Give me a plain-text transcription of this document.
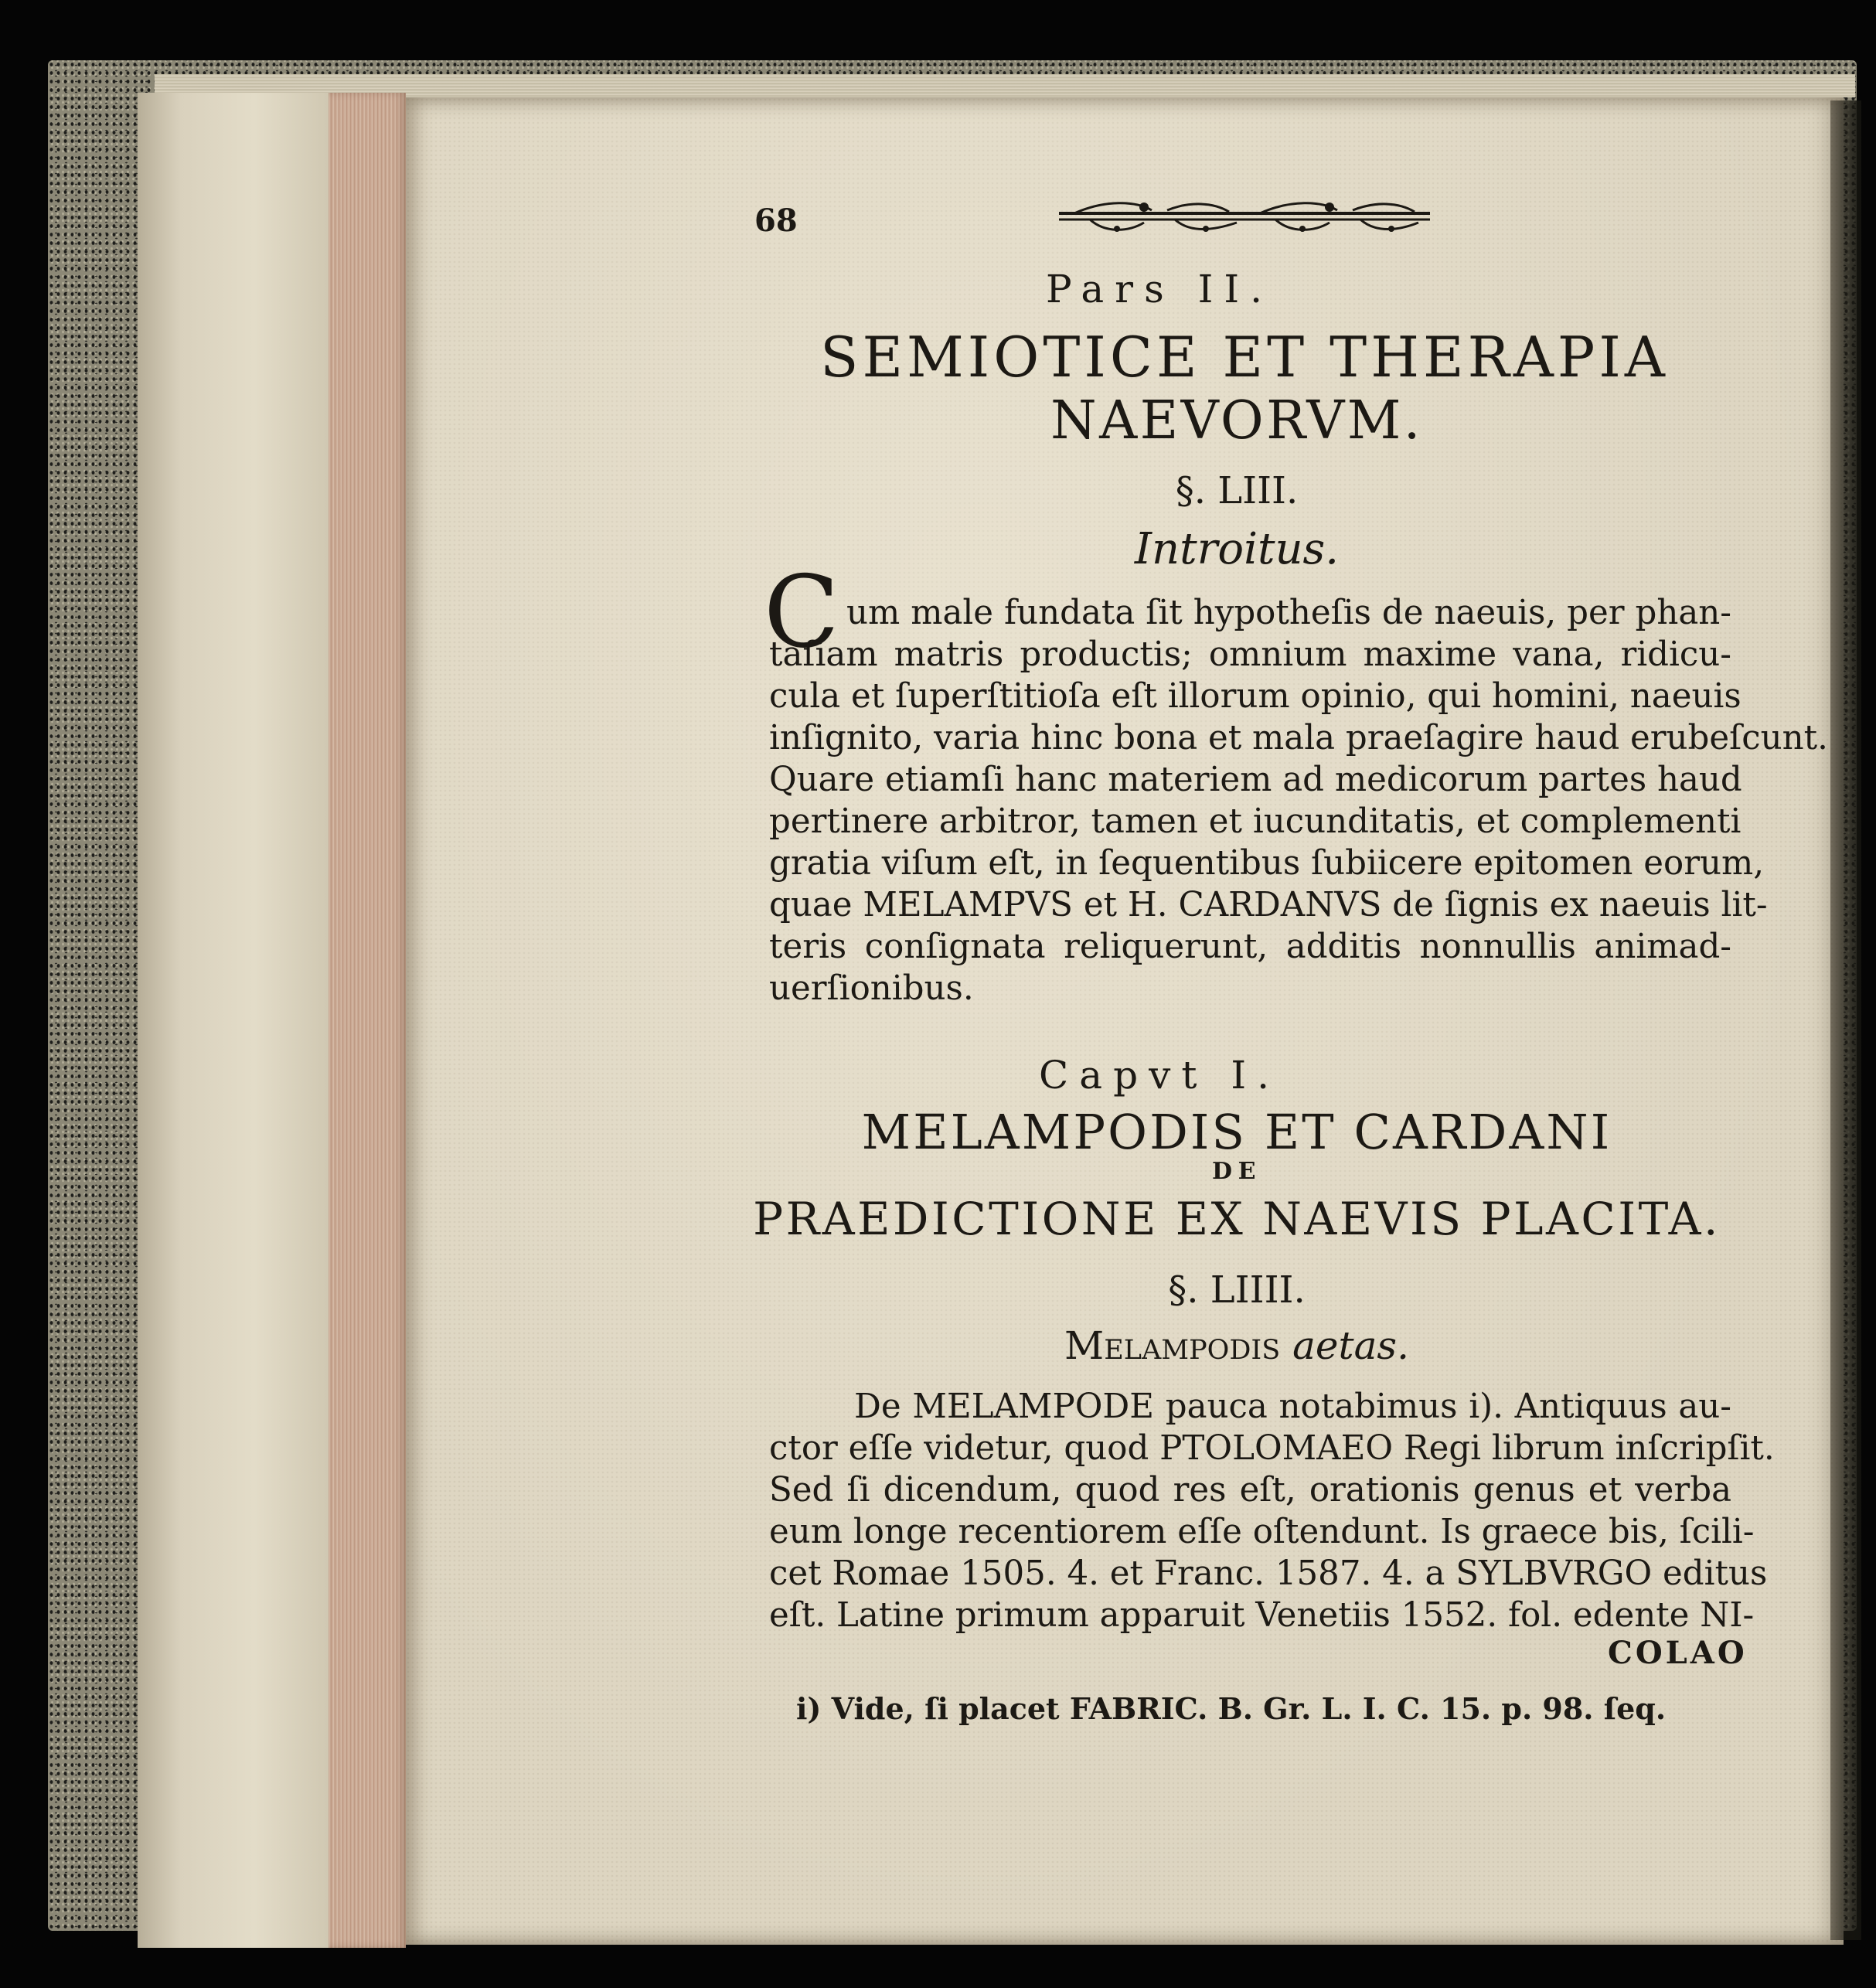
68
Pars II.
SEMIOTICE ET THERAPIA
NAEVORVM.
§. LIII.
Introitus.
C um male fundata ſit hypotheſis de naeuis, per phan-
taſiam matris productis; omnium maxime vana, ridicu-
cula et ſuperſtitioſa eſt illorum opinio, qui homini, naeuis
inſignito, varia hinc bona et mala praeſagire haud erubeſcunt.
Quare etiamſi hanc materiem ad medicorum partes haud
pertinere arbitror, tamen et iucunditatis, et complementi
gratia viſum eſt, in ſequentibus ſubiicere epitomen eorum,
quae MELAMPVS et H. CARDANVS de ſignis ex naeuis lit-
teris conſignata reliquerunt, additis nonnullis animad-
uerſionibus.
Capvt I.
MELAMPODIS ET CARDANI
DE
PRAEDICTIONE EX NAEVIS PLACITA.
§. LIIII.
Melampodis aetas.
De MELAMPODE pauca notabimus i). Antiquus au-
ctor eſſe videtur, quod PTOLOMAEO Regi librum inſcripſit.
Sed ſi dicendum, quod res eſt, orationis genus et verba
eum longe recentiorem eſſe oſtendunt. Is graece bis, ſcili-
cet Romae 1505. 4. et Franc. 1587. 4. a SYLBVRGO editus
eſt. Latine primum apparuit Venetiis 1552. fol. edente NI-
COLAO
i) Vide, ſi placet FABRIC. B. Gr. L. I. C. 15. p. 98. ſeq.
